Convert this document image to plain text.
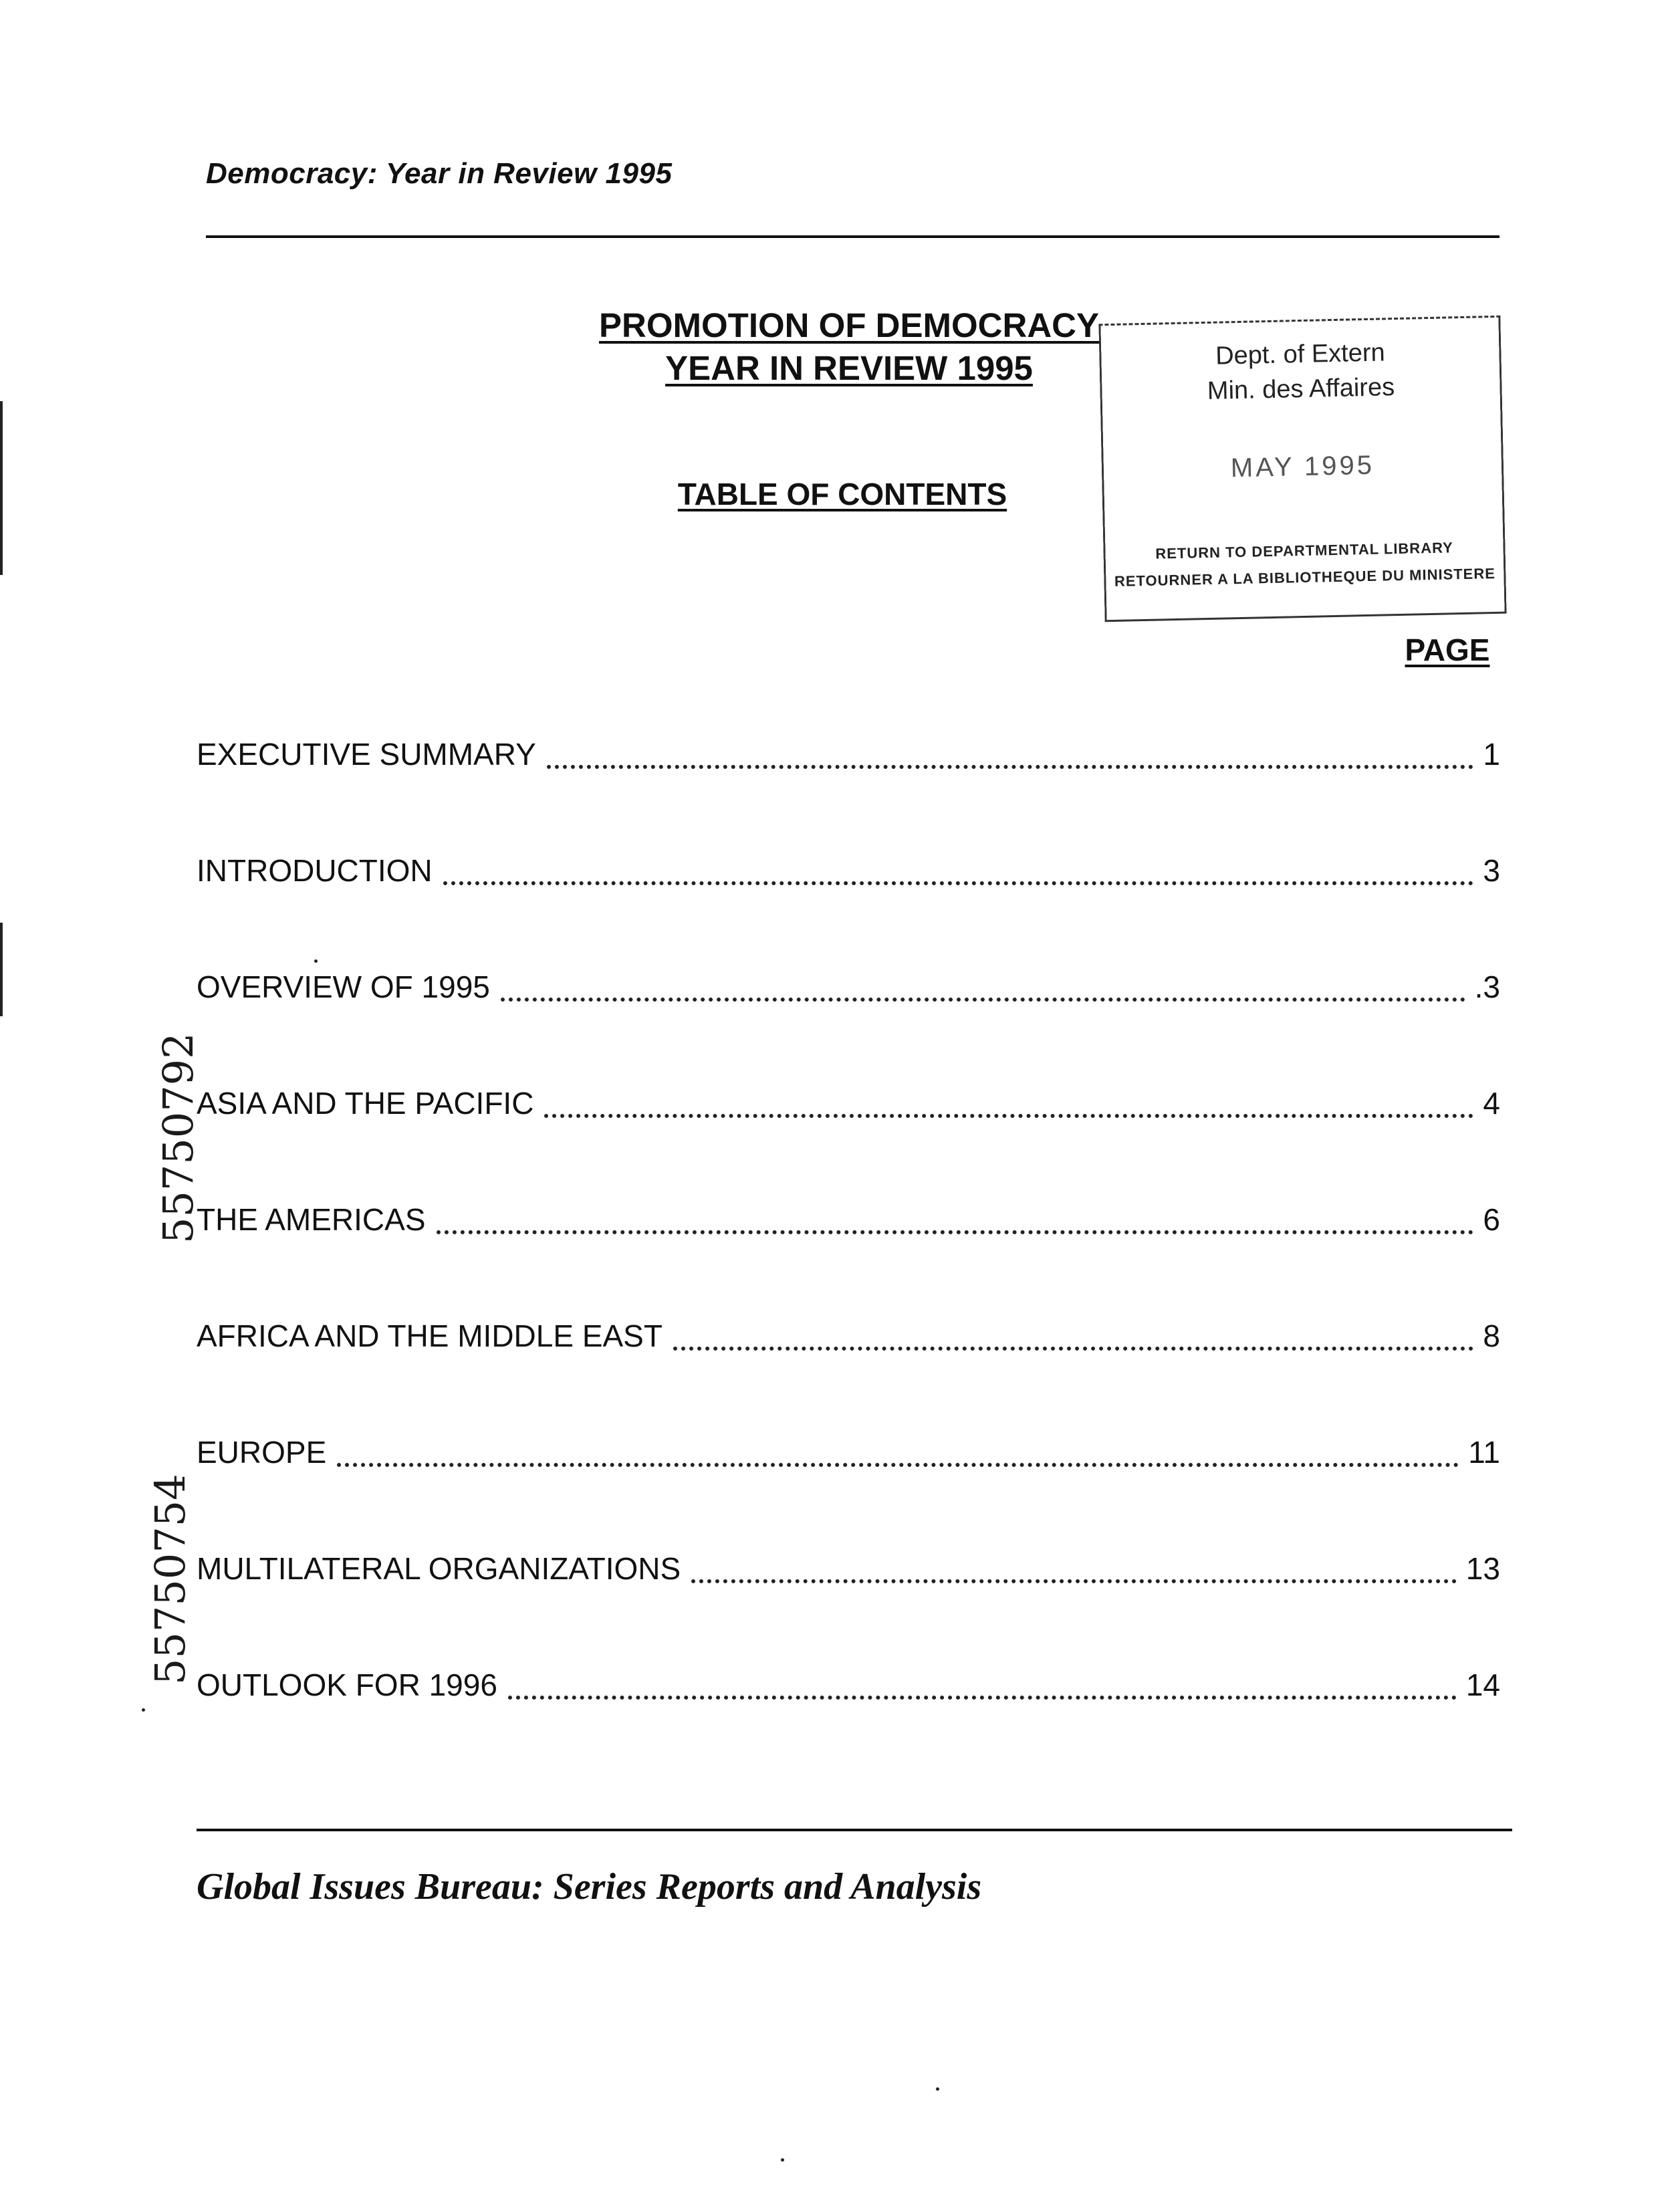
Democracy: Year in Review 1995
PROMOTION OF DEMOCRACY
YEAR IN REVIEW 1995	Dept. of Extern
Min. des Affaires
MAY 1995
RETURN TO DEPARTMENTAL LIBRARY
RETOURNER A LA BIBLIOTHEQUE DU MINISTERE
TABLE OF CONTENTS
PAGE
EXECUTIVE SUMMARY	1
INTRODUCTION	3
OVERVIEW OF 1995	.3
ASIA AND THE PACIFIC	4
THE AMERICAS	6
AFRICA AND THE MIDDLE EAST	8
EUROPE	11
MULTILATERAL ORGANIZATIONS	13
OUTLOOK FOR 1996	14
55750792
55750754
Global Issues Bureau: Series Reports and Analysis
